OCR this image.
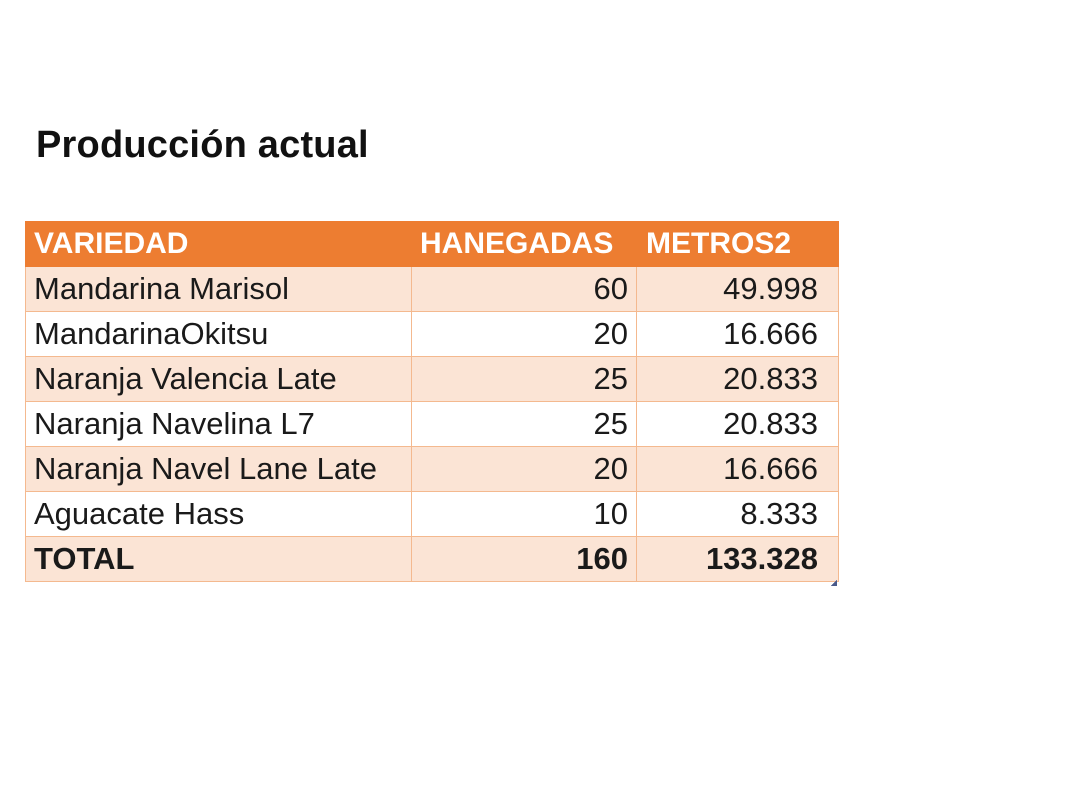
Producción actual
VARIEDAD	HANEGADAS	METROS2
Mandarina Marisol	60	49.998
MandarinaOkitsu	20	16.666
Naranja Valencia Late	25	20.833
Naranja Navelina L7	25	20.833
Naranja Navel Lane Late	20	16.666
Aguacate Hass	10	8.333
TOTAL	160	133.328
